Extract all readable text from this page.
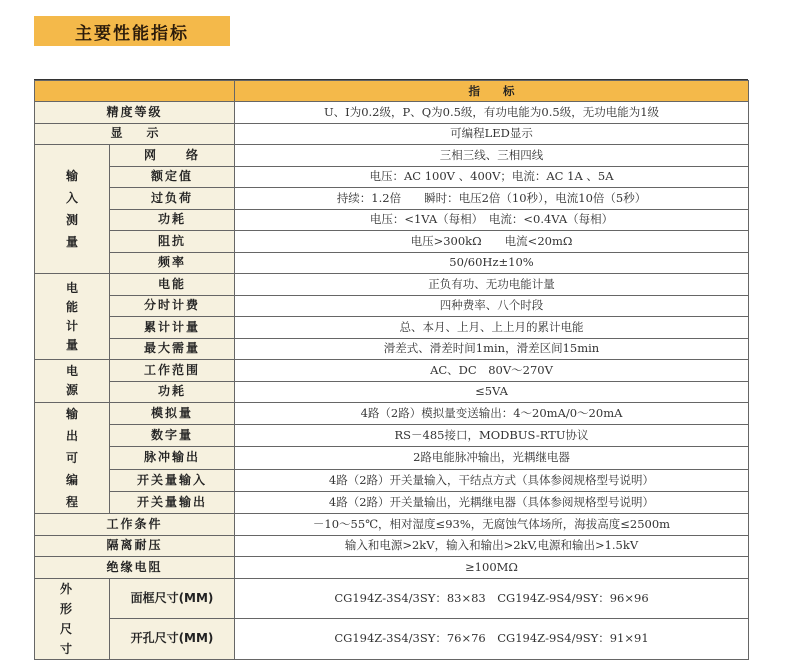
主要性能指标
		指　　标
精度等级		U、I为0.2级，P、Q为0.5级，有功电能为0.5级，无功电能为1级
显　　示		可编程LED显示
输入测量	网　　络	三相三线、三相四线
	额定值	电压：AC 100V 、400V；电流：AC 1A 、5A
	过负荷	持续：1.2倍　　瞬时：电压2倍（10秒），电流10倍（5秒）
	功耗	电压：<1VA（每相）　电流：<0.4VA（每相）
	阻抗	电压>300kΩ　　电流<20mΩ
	频率	50/60Hz±10%
电能计量	电能	正负有功、无功电能计量
	分时计费	四种费率、八个时段
	累计计量	总、本月、上月、上上月的累计电能
	最大需量	滑差式、滑差时间1min，滑差区间15min
电源	工作范围	AC、DC　80V～270V
	功耗	≤5VA
输出可编程	模拟量	4路（2路）模拟量变送输出：4～20mA/0～20mA
	数字量	RS－485接口，MODBUS-RTU协议
	脉冲输出	2路电能脉冲输出，光耦继电器
	开关量输入	4路（2路）开关量输入，干结点方式（具体参阅规格型号说明）
	开关量输出	4路（2路）开关量输出，光耦继电器（具体参阅规格型号说明）
工作条件		－10～55℃，相对湿度≤93%，无腐蚀气体场所，海拔高度≤2500m
隔离耐压		输入和电源>2kV，输入和输出>2kV,电源和输出>1.5kV
绝缘电阻		≥100MΩ
外形尺寸	面框尺寸(MM)	CG194Z-3S4/3SY：83×83　CG194Z-9S4/9SY：96×96
	开孔尺寸(MM)	CG194Z-3S4/3SY：76×76　CG194Z-9S4/9SY：91×91
